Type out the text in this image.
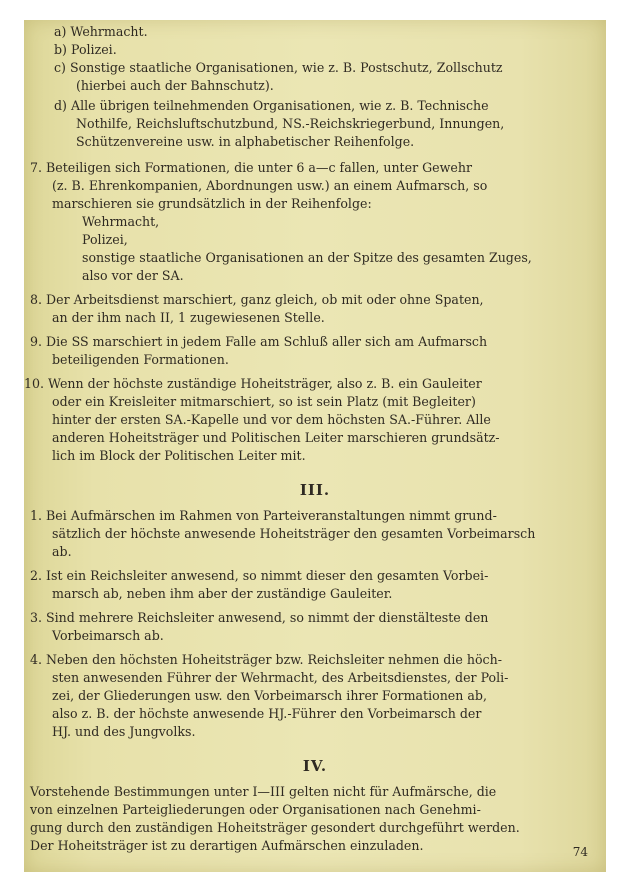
a) Wehrmacht.
b) Polizei.
c) Sonstige staatliche Organisationen, wie z. B. Postschutz, Zollschutz
(hierbei auch der Bahnschutz).
d) Alle übrigen teilnehmenden Organisationen, wie z. B. Technische
Nothilfe, Reichsluftschutzbund, NS.-Reichskriegerbund, Innungen,
Schützenvereine usw. in alphabetischer Reihenfolge.
7. Beteiligen sich Formationen, die unter 6 a—c fallen, unter Gewehr
(z. B. Ehrenkompanien, Abordnungen usw.) an einem Aufmarsch, so
marschieren sie grundsätzlich in der Reihenfolge:
Wehrmacht,
Polizei,
sonstige staatliche Organisationen an der Spitze des gesamten Zuges,
also vor der SA.
8. Der Arbeitsdienst marschiert, ganz gleich, ob mit oder ohne Spaten,
an der ihm nach II, 1 zugewiesenen Stelle.
9. Die SS marschiert in jedem Falle am Schluß aller sich am Aufmarsch
beteiligenden Formationen.
10. Wenn der höchste zuständige Hoheitsträger, also z. B. ein Gauleiter
oder ein Kreisleiter mitmarschiert, so ist sein Platz (mit Begleiter)
hinter der ersten SA.-Kapelle und vor dem höchsten SA.-Führer. Alle
anderen Hoheitsträger und Politischen Leiter marschieren grundsätz-
lich im Block der Politischen Leiter mit.
III.
1. Bei Aufmärschen im Rahmen von Parteiveranstaltungen nimmt grund-
sätzlich der höchste anwesende Hoheitsträger den gesamten Vorbeimarsch
ab.
2. Ist ein Reichsleiter anwesend, so nimmt dieser den gesamten Vorbei-
marsch ab, neben ihm aber der zuständige Gauleiter.
3. Sind mehrere Reichsleiter anwesend, so nimmt der dienstälteste den
Vorbeimarsch ab.
4. Neben den höchsten Hoheitsträger bzw. Reichsleiter nehmen die höch-
sten anwesenden Führer der Wehrmacht, des Arbeitsdienstes, der Poli-
zei, der Gliederungen usw. den Vorbeimarsch ihrer Formationen ab,
also z. B. der höchste anwesende HJ.-Führer den Vorbeimarsch der
HJ. und des Jungvolks.
IV.
Vorstehende Bestimmungen unter I—III gelten nicht für Aufmärsche, die
von einzelnen Parteigliederungen oder Organisationen nach Genehmi-
gung durch den zuständigen Hoheitsträger gesondert durchgeführt werden.
Der Hoheitsträger ist zu derartigen Aufmärschen einzuladen.	74
